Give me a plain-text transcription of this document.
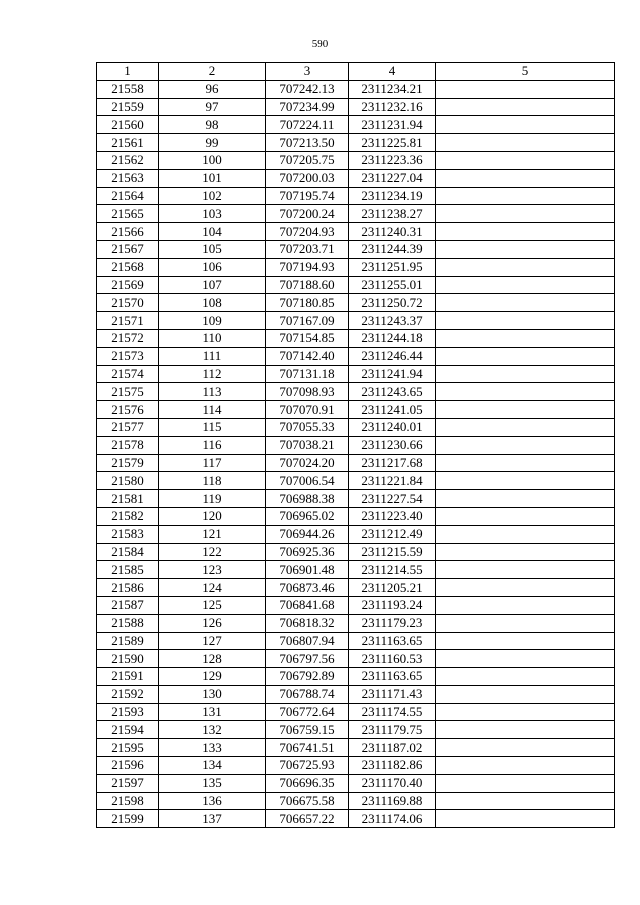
590
1	2	3	4	5
21558	96	707242.13	2311234.21	
21559	97	707234.99	2311232.16	
21560	98	707224.11	2311231.94	
21561	99	707213.50	2311225.81	
21562	100	707205.75	2311223.36	
21563	101	707200.03	2311227.04	
21564	102	707195.74	2311234.19	
21565	103	707200.24	2311238.27	
21566	104	707204.93	2311240.31	
21567	105	707203.71	2311244.39	
21568	106	707194.93	2311251.95	
21569	107	707188.60	2311255.01	
21570	108	707180.85	2311250.72	
21571	109	707167.09	2311243.37	
21572	110	707154.85	2311244.18	
21573	111	707142.40	2311246.44	
21574	112	707131.18	2311241.94	
21575	113	707098.93	2311243.65	
21576	114	707070.91	2311241.05	
21577	115	707055.33	2311240.01	
21578	116	707038.21	2311230.66	
21579	117	707024.20	2311217.68	
21580	118	707006.54	2311221.84	
21581	119	706988.38	2311227.54	
21582	120	706965.02	2311223.40	
21583	121	706944.26	2311212.49	
21584	122	706925.36	2311215.59	
21585	123	706901.48	2311214.55	
21586	124	706873.46	2311205.21	
21587	125	706841.68	2311193.24	
21588	126	706818.32	2311179.23	
21589	127	706807.94	2311163.65	
21590	128	706797.56	2311160.53	
21591	129	706792.89	2311163.65	
21592	130	706788.74	2311171.43	
21593	131	706772.64	2311174.55	
21594	132	706759.15	2311179.75	
21595	133	706741.51	2311187.02	
21596	134	706725.93	2311182.86	
21597	135	706696.35	2311170.40	
21598	136	706675.58	2311169.88	
21599	137	706657.22	2311174.06	
